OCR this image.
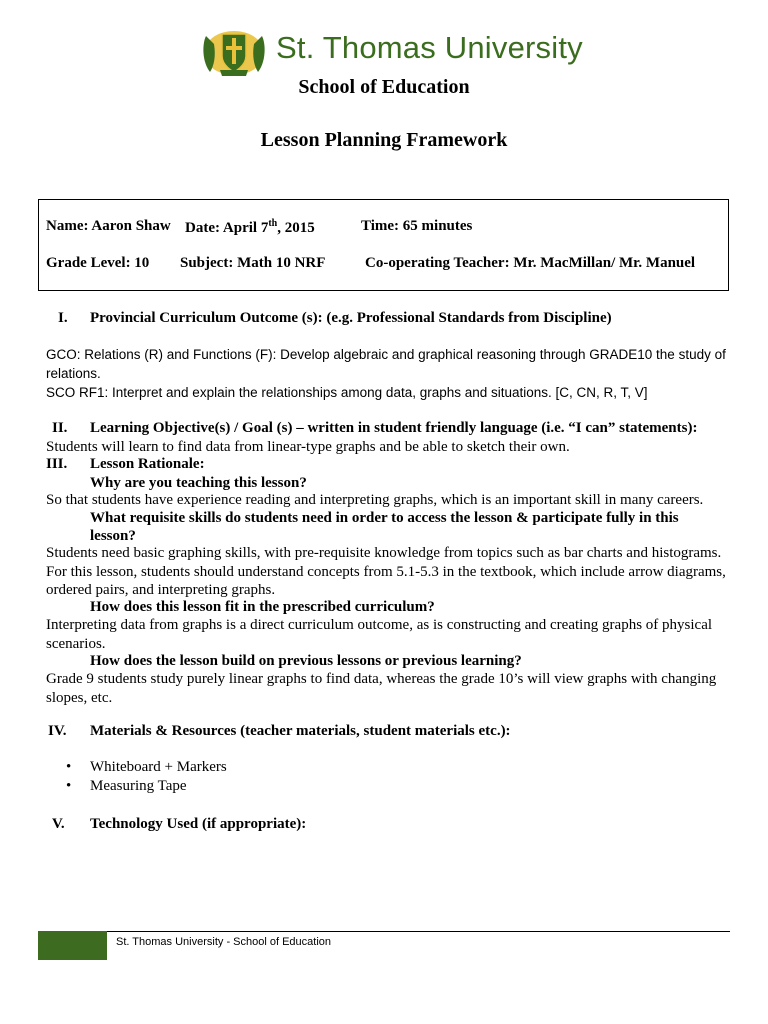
St. Thomas University
School of Education
Lesson Planning Framework
Name: Aaron Shaw Date: April 7th, 2015	Time: 65 minutes
Grade Level: 10 Subject: Math 10 NRF	Co-operating Teacher: Mr. MacMillan/ Mr. Manuel
I. Provincial Curriculum Outcome (s): (e.g. Professional Standards from Discipline)
GCO: Relations (R) and Functions (F): Develop algebraic and graphical reasoning through GRADE10 the study of relations.
SCO RF1: Interpret and explain the relationships among data, graphs and situations. [C, CN, R, T, V]
II. Learning Objective(s) / Goal (s) – written in student friendly language (i.e. “I can” statements):
Students will learn to find data from linear-type graphs and be able to sketch their own.
III. Lesson Rationale:
Why are you teaching this lesson?
So that students have experience reading and interpreting graphs, which is an important skill in many careers.
What requisite skills do students need in order to access the lesson & participate fully in this lesson?
Students need basic graphing skills, with pre-requisite knowledge from topics such as bar charts and histograms. For this lesson, students should understand concepts from 5.1-5.3 in the textbook, which include arrow diagrams, ordered pairs, and interpreting graphs.
How does this lesson fit in the prescribed curriculum?
Interpreting data from graphs is a direct curriculum outcome, as is constructing and creating graphs of physical scenarios.
How does the lesson build on previous lessons or previous learning?
Grade 9 students study purely linear graphs to find data, whereas the grade 10’s will view graphs with changing slopes, etc.
IV. Materials & Resources (teacher materials, student materials etc.):
• Whiteboard + Markers
• Measuring Tape
V. Technology Used (if appropriate):
St. Thomas University - School of Education
